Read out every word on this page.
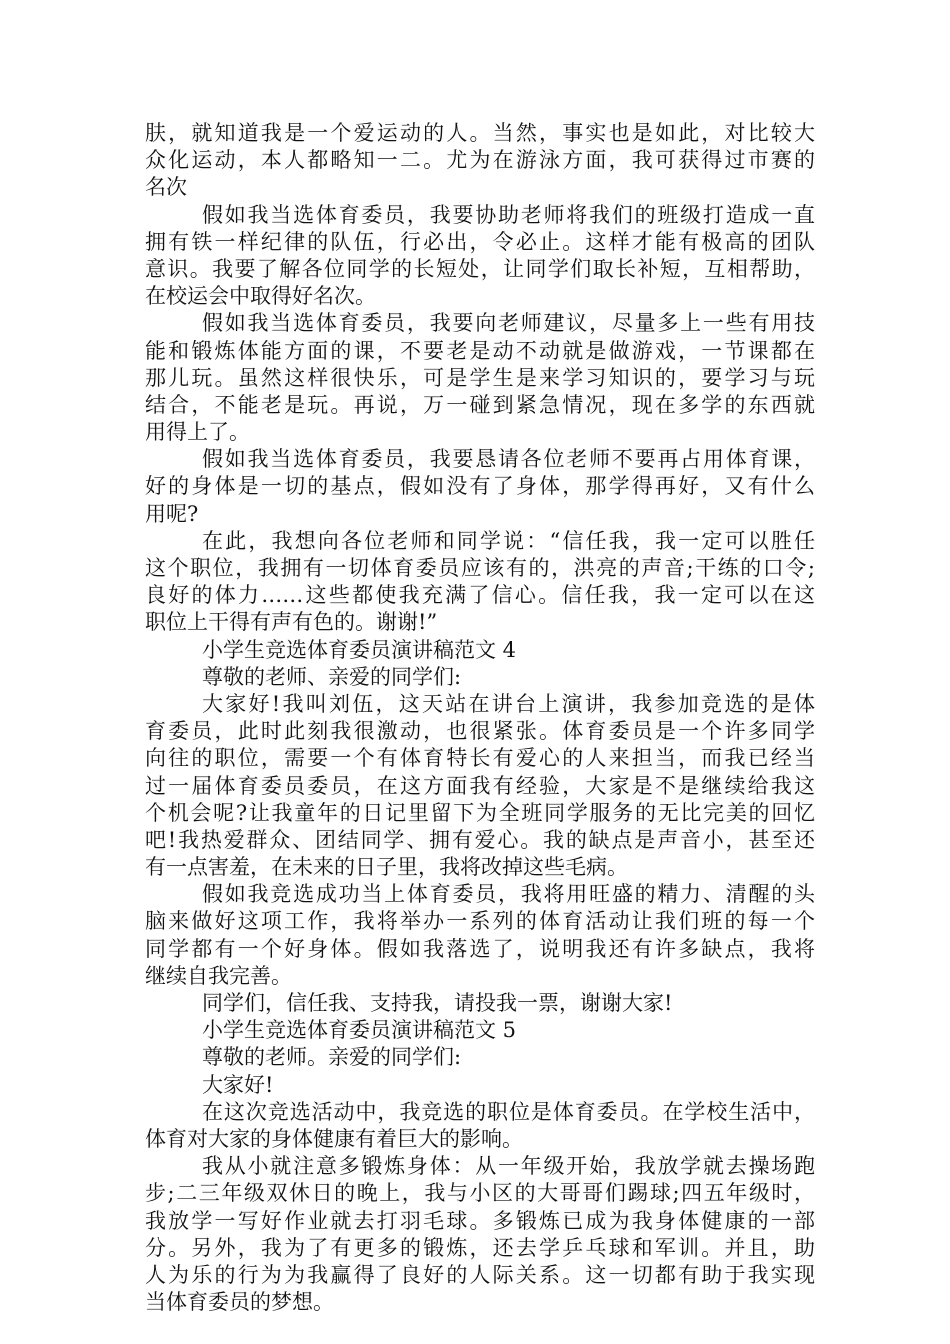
肤，就知道我是一个爱运动的人。当然，事实也是如此，对比较大
众化运动，本人都略知一二。尤为在游泳方面，我可获得过市赛的
名次
假如我当选体育委员，我要协助老师将我们的班级打造成一直
拥有铁一样纪律的队伍，行必出，令必止。这样才能有极高的团队
意识。我要了解各位同学的长短处，让同学们取长补短，互相帮助，
在校运会中取得好名次。
假如我当选体育委员，我要向老师建议，尽量多上一些有用技
能和锻炼体能方面的课，不要老是动不动就是做游戏，一节课都在
那儿玩。虽然这样很快乐，可是学生是来学习知识的，要学习与玩
结合，不能老是玩。再说，万一碰到紧急情况，现在多学的东西就
用得上了。
假如我当选体育委员，我要恳请各位老师不要再占用体育课，
好的身体是一切的基点，假如没有了身体，那学得再好，又有什么
用呢?
在此，我想向各位老师和同学说：“信任我，我一定可以胜任
这个职位，我拥有一切体育委员应该有的，洪亮的声音;干练的口令;
良好的体力……这些都使我充满了信心。信任我，我一定可以在这
职位上干得有声有色的。谢谢!”
小学生竞选体育委员演讲稿范文 4
尊敬的老师、亲爱的同学们:
大家好!我叫刘伍，这天站在讲台上演讲，我参加竞选的是体
育委员，此时此刻我很激动，也很紧张。体育委员是一个许多同学
向往的职位，需要一个有体育特长有爱心的人来担当，而我已经当
过一届体育委员委员，在这方面我有经验，大家是不是继续给我这
个机会呢?让我童年的日记里留下为全班同学服务的无比完美的回忆
吧!我热爱群众、团结同学、拥有爱心。我的缺点是声音小，甚至还
有一点害羞，在未来的日子里，我将改掉这些毛病。
假如我竞选成功当上体育委员，我将用旺盛的精力、清醒的头
脑来做好这项工作，我将举办一系列的体育活动让我们班的每一个
同学都有一个好身体。假如我落选了，说明我还有许多缺点，我将
继续自我完善。
同学们，信任我、支持我，请投我一票，谢谢大家!
小学生竞选体育委员演讲稿范文 5
尊敬的老师。亲爱的同学们:
大家好!
在这次竞选活动中，我竞选的职位是体育委员。在学校生活中，
体育对大家的身体健康有着巨大的影响。
我从小就注意多锻炼身体：从一年级开始，我放学就去操场跑
步;二三年级双休日的晚上，我与小区的大哥哥们踢球;四五年级时，
我放学一写好作业就去打羽毛球。多锻炼已成为我身体健康的一部
分。另外，我为了有更多的锻炼，还去学乒乓球和军训。并且，助
人为乐的行为为我赢得了良好的人际关系。这一切都有助于我实现
当体育委员的梦想。
